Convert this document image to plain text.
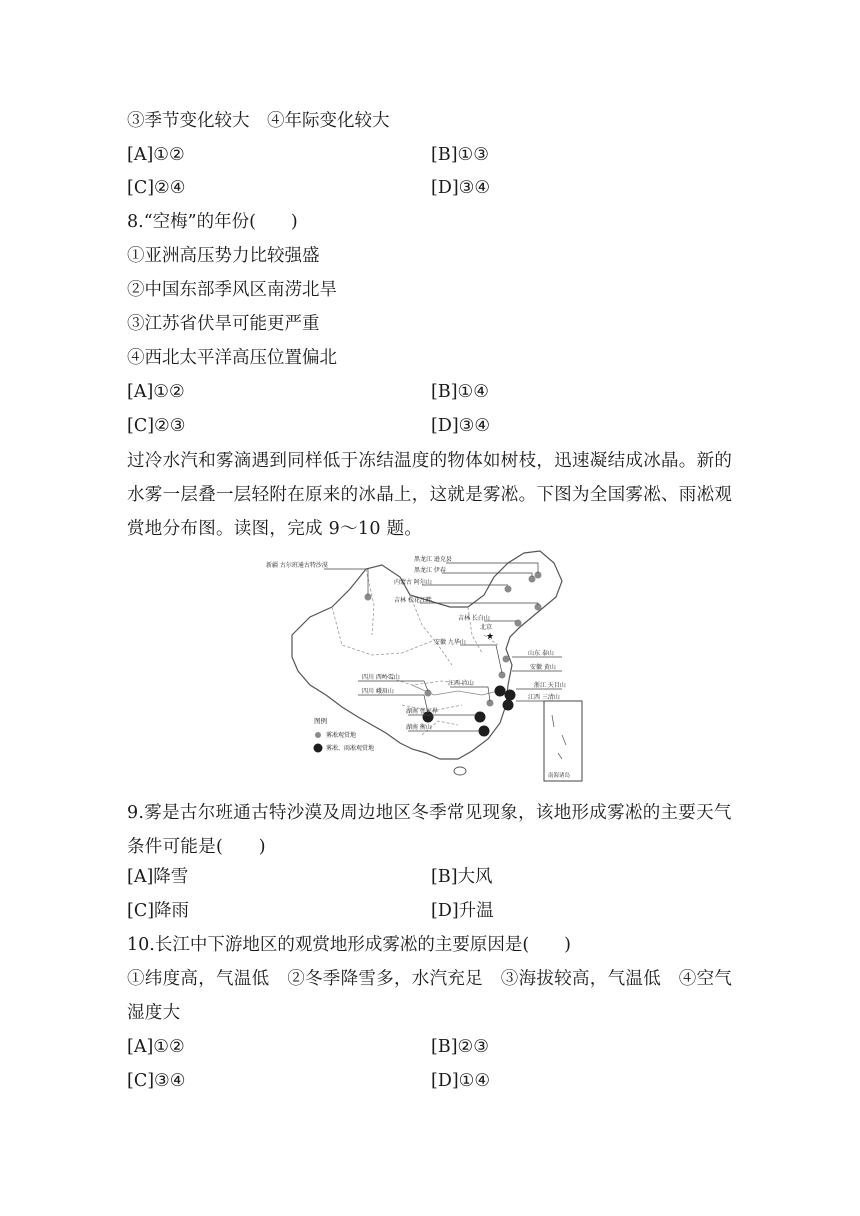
③季节变化较大　④年际变化较大
[A]①②	[B]①③
[C]②④	[D]③④
8.“空梅”的年份(　　)
①亚洲高压势力比较强盛
②中国东部季风区南涝北旱
③江苏省伏旱可能更严重
④西北太平洋高压位置偏北
[A]①②	[B]①④
[C]②③	[D]③④
过冷水汽和雾滴遇到同样低于冻结温度的物体如树枝，迅速凝结成冰晶。新的水雾一层叠一层轻附在原来的冰晶上，这就是雾凇。下图为全国雾凇、雨凇观赏地分布图。读图，完成 9～10 题。
南海诸岛
★
北京
新疆 古尔班通古特沙漠
黑龙江 逊克县
黑龙江 伊春
内蒙古 阿尔山
吉林 松花江畔
吉林 长白山
山东 泰山
安徽 九华山
安徽 黄山
四川 西岭雪山
四川 峨眉山
江西 庐山	浙江 天目山
江西 三清山
湖南 张家界
湖南 衡山
图例
雾凇观赏地
雾凇、雨凇观赏地
9.雾是古尔班通古特沙漠及周边地区冬季常见现象，该地形成雾凇的主要天气条件可能是(　　)
[A]降雪	[B]大风
[C]降雨	[D]升温
10.长江中下游地区的观赏地形成雾凇的主要原因是(　　)
①纬度高，气温低　②冬季降雪多，水汽充足　③海拔较高，气温低　④空气湿度大
[A]①②	[B]②③
[C]③④	[D]①④
